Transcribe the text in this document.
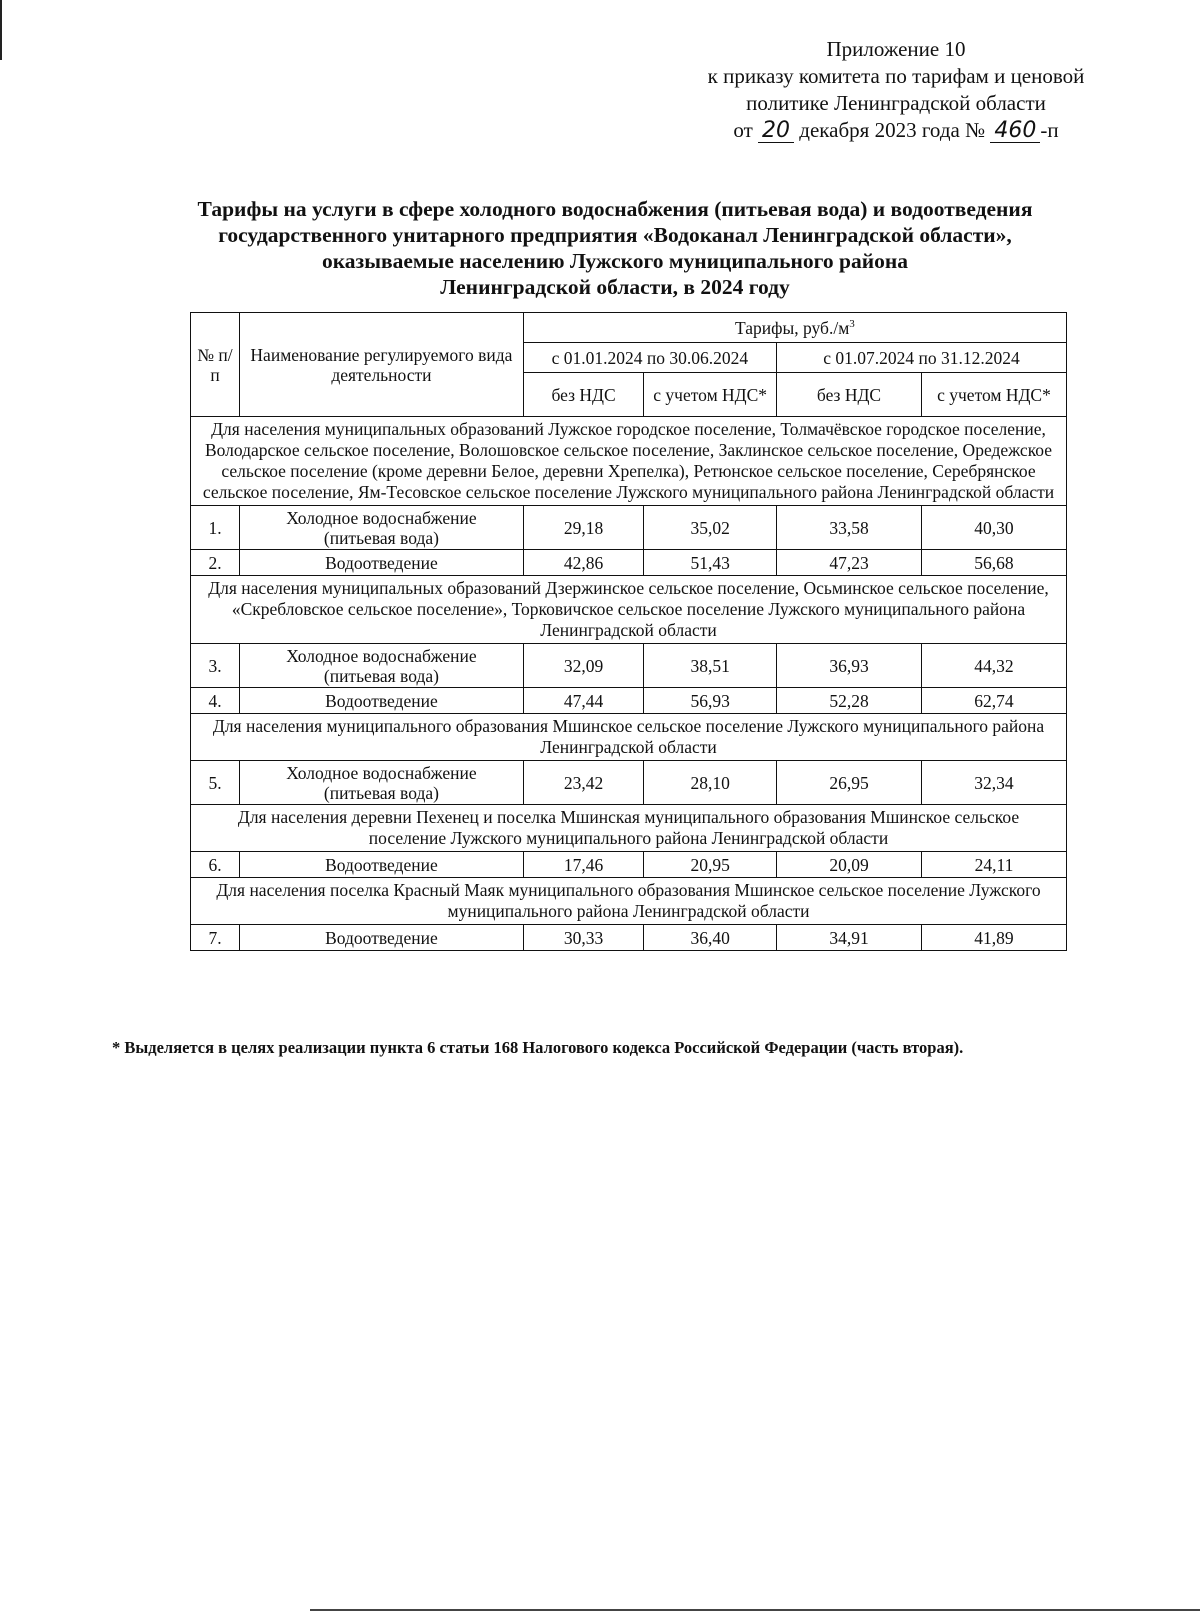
Приложение 10
к приказу комитета по тарифам и ценовой
политике Ленинградской области
от 20 декабря 2023 года № 460 -п
Тарифы на услуги в сфере холодного водоснабжения (питьевая вода) и водоотведения
государственного унитарного предприятия «Водоканал Ленинградской области»,
оказываемые населению Лужского муниципального района
Ленинградской области, в 2024 году
№ п/п	Наименование регулируемого вида деятельности	Тарифы, $руб./м^3$
		с 01.01.2024 по 30.06.2024		с 01.07.2024 по 31.12.2024	
		без НДС	с учетом НДС*	без НДС	с учетом НДС*
Для населения муниципальных образований Лужское городское поселение, Толмачёвское городское поселение, Володарское сельское поселение, Волошовское сельское поселение, Заклинское сельское поселение, Оредежское сельское поселение (кроме деревни Белое, деревни Хрепелка), Ретюнское сельское поселение, Серебрянское сельское поселение, Ям-Тесовское сельское поселение Лужского муниципального района Ленинградской области					
1.	Холодное водоснабжение (питьевая вода)	29,18	35,02	33,58	40,30
2.	Водоотведение	42,86	51,43	47,23	56,68
Для населения муниципальных образований Дзержинское сельское поселение, Осьминское сельское поселение, «Скребловское сельское поселение», Торковичское сельское поселение Лужского муниципального района Ленинградской области					
3.	Холодное водоснабжение (питьевая вода)	32,09	38,51	36,93	44,32
4.	Водоотведение	47,44	56,93	52,28	62,74
Для населения муниципального образования Мшинское сельское поселение Лужского муниципального района Ленинградской области					
5.	Холодное водоснабжение (питьевая вода)	23,42	28,10	26,95	32,34
Для населения деревни Пехенец и поселка Мшинская муниципального образования Мшинское сельское поселение Лужского муниципального района Ленинградской области					
6.	Водоотведение	17,46	20,95	20,09	24,11
Для населения поселка Красный Маяк муниципального образования Мшинское сельское поселение Лужского муниципального района Ленинградской области					
7.	Водоотведение	30,33	36,40	34,91	41,89
* Выделяется в целях реализации пункта 6 статьи 168 Налогового кодекса Российской Федерации (часть вторая).
